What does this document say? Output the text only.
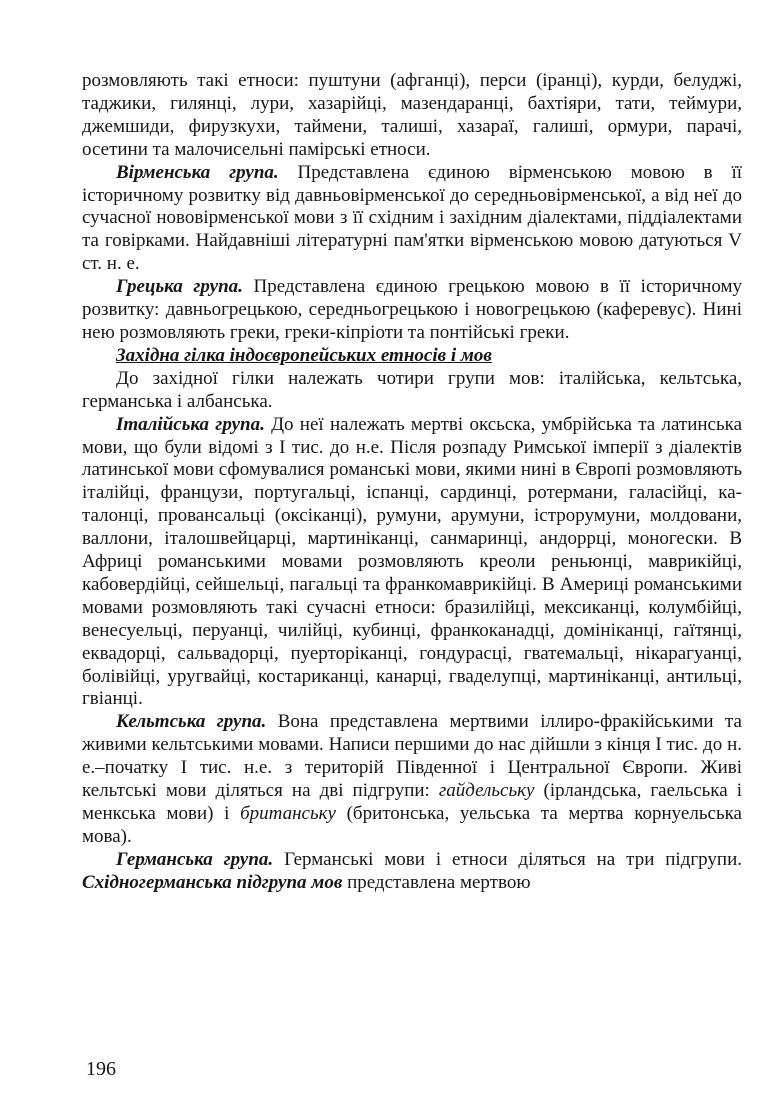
розмовляють такі етноси: пуштуни (афганці), перси (іранці), курди, белуджі, таджики, гилянці, лури, хазарійці, мазендаранці, бахтіяри, тати, теймури, джемшиди, фирузкухи, таймени, талиші, хазараї, галиші, ормури, парачі, осетини та малочисельні памірські етноси.

Вірменська група. Представлена єдиною вірменською мовою в її історичному розвитку від давньовірменської до середньовірменської, а від неї до сучасної нововірменської мови з її східним і західним діалектами, піддіалектами та говірками. Найдавніші літературні пам'ятки вірменською мовою датуються V ст. н. е.

Грецька група. Представлена єдиною грецькою мовою в її історичному розвитку: давньогрецькою, середньогрецькою і новогрецькою (каферевус). Нині нею розмовляють греки, греки-кіпріоти та понтійські греки.

Західна гілка індоєвропейських етносів і мов

До західної гілки належать чотири групи мов: італійська, кельтська, германська і албанська.

Італійська група. До неї належать мертві оксьска, умбрійська та латинська мови, що були відомі з І тис. до н.е. Після розпаду Римської імперії з діалектів латинської мови сфомувалися романські мови, якими нині в Європі розмовляють італійці, французи, португальці, іспанці, сардинці, ротермани, галасійці, каталонці, провансальці (оксіканці), румуни, арумуни, істрорумуни, молдовани, валлони, італошвейцарці, мартиніканці, санмаринці, андоррці, моногески. В Африці романськими мовами розмовляють креоли реньюнці, маврикійці, кабовердійці, сейшельці, пагальці та франкомаврикійці. В Америці романськими мовами розмовляють такі сучасні етноси: бразилійці, мексиканці, колумбійці, венесуельці, перуанці, чилійці, кубинці, франкоканадці, домініканці, гаїтянці, еквадорці, сальвадорці, пуерторіканці, гондурасці, гватемальці, нікарагуанці, болівійці, уругвайці, костариканці, канарці, гваделупці, мартиніканці, антильці, гвіанці.

Кельтська група. Вона представлена мертвими іллиро-фракійськими та живими кельтськими мовами. Написи першими до нас дійшли з кінця І тис. до н. е.–початку І тис. н.е. з територій Південної і Центральної Європи. Живі кельтські мови діляться на дві підгрупи: гайдельську (ірландська, гаельська і менкська мови) і британську (бритонська, уельська та мертва корнуельська мова).

Германська група. Германські мови і етноси діляться на три підгрупи. Східногерманська підгрупа мов представлена мертвою

196
